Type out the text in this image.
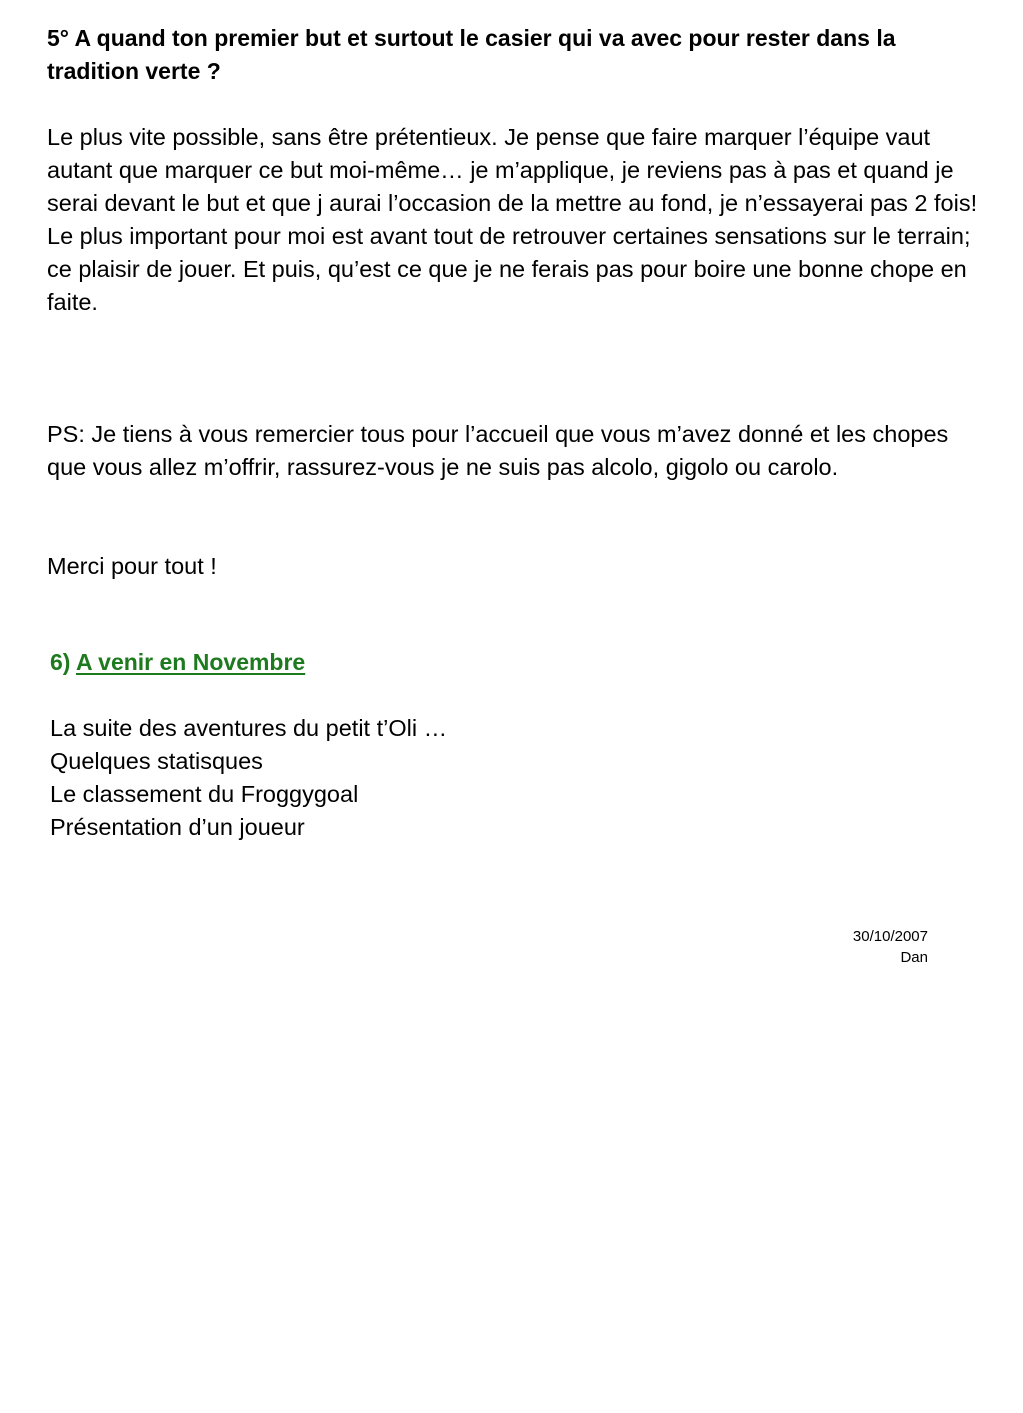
5° A quand ton premier but et surtout le casier qui va avec pour rester dans la tradition verte ?

Le plus vite possible, sans être prétentieux. Je pense que faire marquer l’équipe vaut autant que marquer ce but moi-même… je m’applique, je reviens pas à pas et quand je serai devant le but et que j aurai l’occasion de la mettre au fond, je n’essayerai pas 2 fois! Le plus important pour moi est avant tout de retrouver certaines sensations sur le terrain; ce plaisir de jouer. Et puis, qu’est ce que je ne ferais pas pour boire une bonne chope en faite.

PS: Je tiens à vous remercier tous pour l’accueil que vous m’avez donné et les chopes que vous allez m’offrir, rassurez-vous je ne suis pas alcolo, gigolo ou carolo.

Merci pour tout !

6) A venir en Novembre
La suite des aventures du petit t’Oli …
Quelques statisques
Le classement du Froggygoal
Présentation d’un joueur
30/10/2007
Dan
